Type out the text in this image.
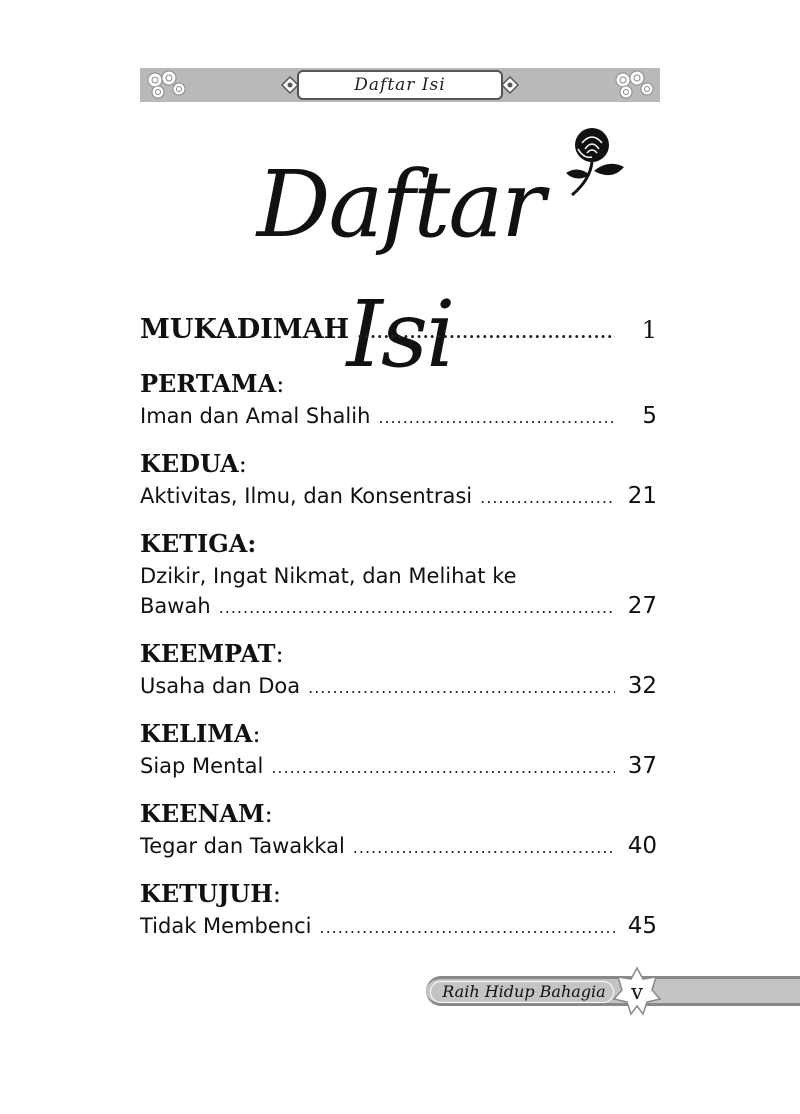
Daftar Isi
Daftar Isi
MUKADIMAH .....	1
PERTAMA :
Iman dan Amal Shalih .....	5
KEDUA :
Aktivitas, Ilmu, dan Konsentrasi .....	21
KETIGA:
Dzikir, Ingat Nikmat, dan Melihat ke
Bawah .....	27
KEEMPAT :
Usaha dan Doa .....	32
KELIMA :
Siap Mental .....	37
KEENAM :
Tegar dan Tawakkal .....	40
KETUJUH :
Tidak Membenci .....	45
Raih Hidup Bahagia	v
